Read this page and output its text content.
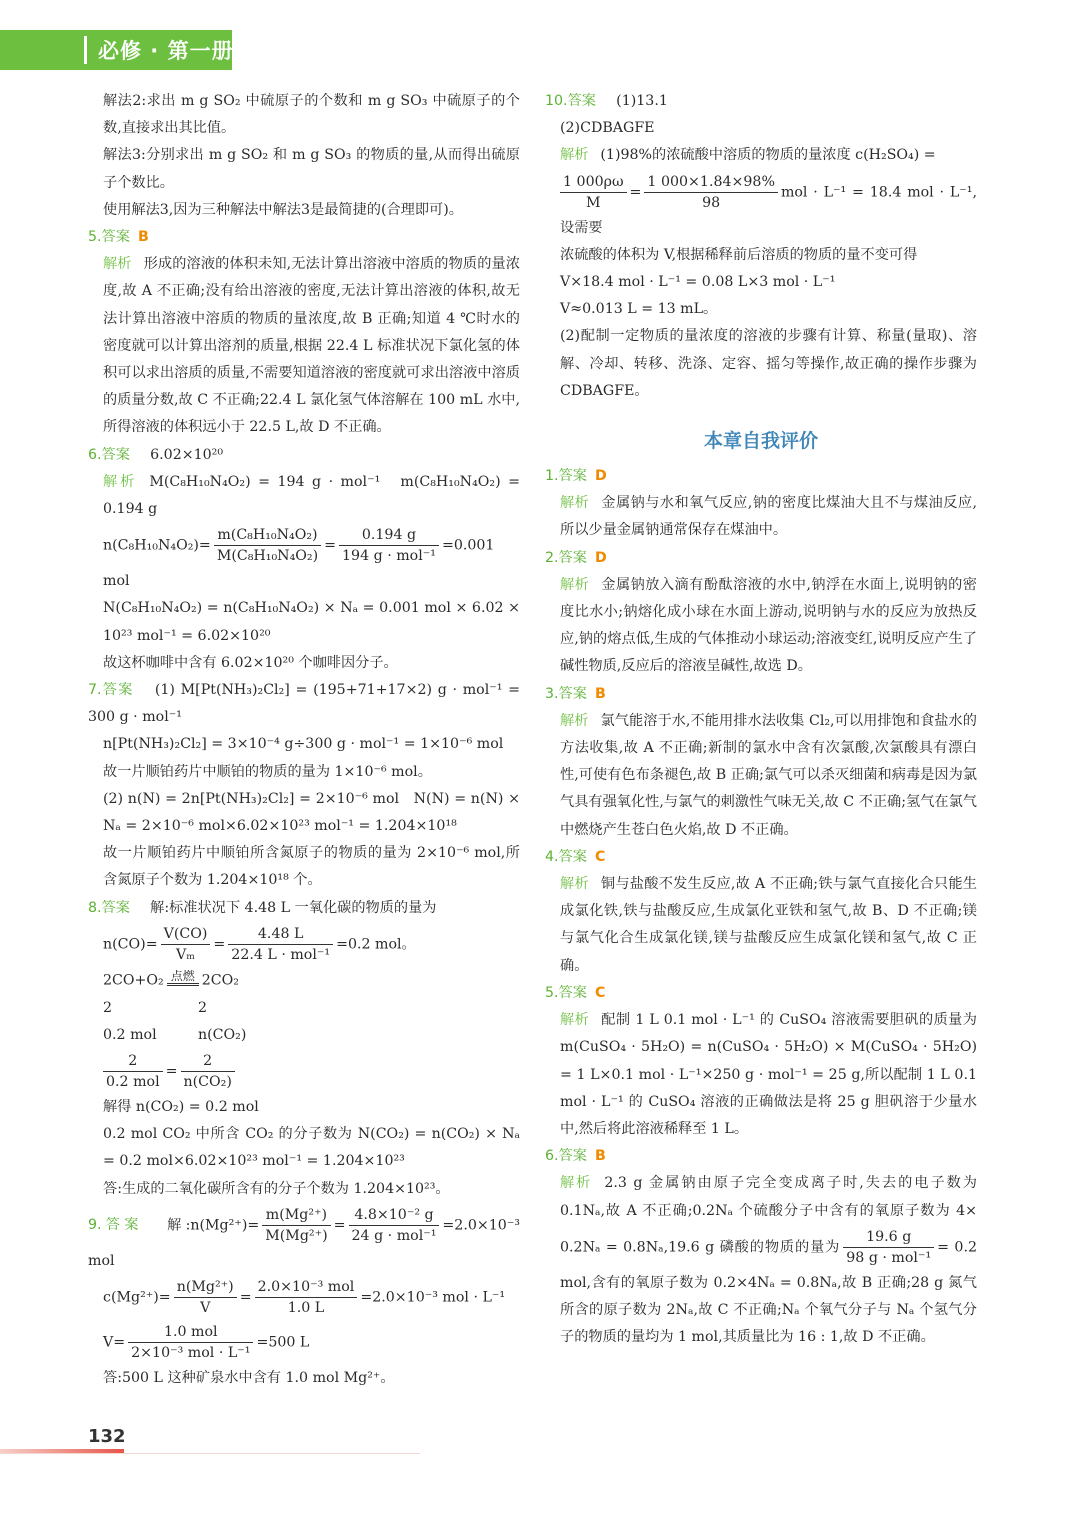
必修 · 第一册

解法2:求出 m g SO₂ 中硫原子的个数和 m g SO₃ 中硫原子的个数,直接求出其比值。

解法3:分别求出 m g SO₂ 和 m g SO₃ 的物质的量,从而得出硫原子个数比。

使用解法3,因为三种解法中解法3是最简捷的(合理即可)。

5.答案 B

解析 形成的溶液的体积未知,无法计算出溶液中溶质的物质的量浓度,故 A 不正确;没有给出溶液的密度,无法计算出溶液的体积,故无法计算出溶液中溶质的物质的量浓度,故 B 正确;知道 4 ℃时水的密度就可以计算出溶剂的质量,根据 22.4 L 标准状况下氯化氢的体积可以求出溶质的质量,不需要知道溶液的密度就可求出溶液中溶质的质量分数,故 C 不正确;22.4 L 氯化氢气体溶解在 100 mL 水中,所得溶液的体积远小于 22.5 L,故 D 不正确。

6.答案　 6.02×10²⁰

解析 M(C₈H₁₀N₄O₂) = 194 g · mol⁻¹　m(C₈H₁₀N₄O₂) = 0.194 g

$n(C_8H_{10}N_4O_2)= \frac{\text{m(C₈H₁₀N₄O₂)}}{\text{M(C₈H₁₀N₄O₂)}}$ =
0.194 g
194 g · mol⁻¹
=0.001 mol

N(C₈H₁₀N₄O₂) = n(C₈H₁₀N₄O₂) × Nₐ = 0.001 mol × 6.02 × 10²³ mol⁻¹ = 6.02×10²⁰

故这杯咖啡中含有 6.02×10²⁰ 个咖啡因分子。

7.答案　 (1) M[Pt(NH₃)₂Cl₂] = (195+71+17×2) g · mol⁻¹ = 300 g · mol⁻¹

n[Pt(NH₃)₂Cl₂] = 3×10⁻⁴ g÷300 g · mol⁻¹ = 1×10⁻⁶ mol

故一片顺铂药片中顺铂的物质的量为 1×10⁻⁶ mol。

(2) n(N) = 2n[Pt(NH₃)₂Cl₂] = 2×10⁻⁶ mol　N(N) = n(N) × Nₐ = 2×10⁻⁶ mol×6.02×10²³ mol⁻¹ = 1.204×10¹⁸

故一片顺铂药片中顺铂所含氮原子的物质的量为 2×10⁻⁶ mol,所含氮原子个数为 1.204×10¹⁸ 个。

8.答案　 解:标准状况下 4.48 L 一氧化碳的物质的量为

$n(CO)= \frac{V(CO)}{\text{Vₘ}}$ =
4.48 L
22.4 L · mol⁻¹
=0.2 mol。

2CO+O₂ 点燃 2CO₂

2	2

0.2 mol	n(CO₂)

2
0.2 mol
= $\frac{2}{\text{n(CO₂)}}$

解得 n(CO₂) = 0.2 mol

0.2 mol CO₂ 中所含 CO₂ 的分子数为 N(CO₂) = n(CO₂) × Nₐ = 0.2 mol×6.02×10²³ mol⁻¹ = 1.204×10²³

答:生成的二氧化碳所含有的分子个数为 1.204×10²³。

9.答案　 解:n(Mg²⁺)= $\frac{\text{m(Mg²⁺)}}{\text{M(Mg²⁺)}}$ =
4.8×10⁻² g
24 g · mol⁻¹
=2.0×10⁻³ mol

$c(Mg^{2+})= \frac{\text{n(Mg²⁺)}}{V}$ =
2.0×10⁻³ mol
1.0 L
=2.0×10⁻³ mol · L⁻¹

V=
1.0 mol
2×10⁻³ mol · L⁻¹
=500 L

答:500 L 这种矿泉水中含有 1.0 mol Mg²⁺。

10.答案　 (1)13.1

(2)CDBAGFE

解析 (1)98%的浓硫酸中溶质的物质的量浓度 c(H₂SO₄) =

$\frac{1 000\rho\omega}{M} = \frac{1 000\times 1.84\times 98\%}{98}$ mol · L⁻¹ = 18.4 mol · L⁻¹,设需要

浓硫酸的体积为 V,根据稀释前后溶质的物质的量不变可得

V×18.4 mol · L⁻¹ = 0.08 L×3 mol · L⁻¹

V≈0.013 L = 13 mL。

(2)配制一定物质的量浓度的溶液的步骤有计算、称量(量取)、溶解、冷却、转移、洗涤、定容、摇匀等操作,故正确的操作步骤为 CDBAGFE。

本章自我评价

1.答案 D

解析 金属钠与水和氧气反应,钠的密度比煤油大且不与煤油反应,所以少量金属钠通常保存在煤油中。

2.答案 D

解析 金属钠放入滴有酚酞溶液的水中,钠浮在水面上,说明钠的密度比水小;钠熔化成小球在水面上游动,说明钠与水的反应为放热反应,钠的熔点低,生成的气体推动小球运动;溶液变红,说明反应产生了碱性物质,反应后的溶液呈碱性,故选 D。

3.答案 B

解析 氯气能溶于水,不能用排水法收集 Cl₂,可以用排饱和食盐水的方法收集,故 A 不正确;新制的氯水中含有次氯酸,次氯酸具有漂白性,可使有色布条褪色,故 B 正确;氯气可以杀灭细菌和病毒是因为氯气具有强氧化性,与氯气的刺激性气味无关,故 C 不正确;氢气在氯气中燃烧产生苍白色火焰,故 D 不正确。

4.答案 C

解析 铜与盐酸不发生反应,故 A 不正确;铁与氯气直接化合只能生成氯化铁,铁与盐酸反应,生成氯化亚铁和氢气,故 B、D 不正确;镁与氯气化合生成氯化镁,镁与盐酸反应生成氯化镁和氢气,故 C 正确。

5.答案 C

解析 配制 1 L 0.1 mol · L⁻¹ 的 CuSO₄ 溶液需要胆矾的质量为 m(CuSO₄ · 5H₂O) = n(CuSO₄ · 5H₂O) × M(CuSO₄ · 5H₂O) = 1 L×0.1 mol · L⁻¹×250 g · mol⁻¹ = 25 g,所以配制 1 L 0.1 mol · L⁻¹ 的 CuSO₄ 溶液的正确做法是将 25 g 胆矾溶于少量水中,然后将此溶液稀释至 1 L。

6.答案 B

解析 2.3 g 金属钠由原子完全变成离子时,失去的电子数为 0.1Nₐ,故 A 不正确;0.2Nₐ 个硫酸分子中含有的氧原子数为 4× 0.2Nₐ = 0.8Nₐ,19.6 g 磷酸的物质的量为
19.6 g
98 g · mol⁻¹
= 0.2 mol,含有的氧原子数为 0.2×4Nₐ = 0.8Nₐ,故 B 正确;28 g 氮气所含的原子数为 2Nₐ,故 C 不正确;Nₐ 个氧气分子与 Nₐ 个氢气分子的物质的量均为 1 mol,其质量比为 16 : 1,故 D 不正确。

132
